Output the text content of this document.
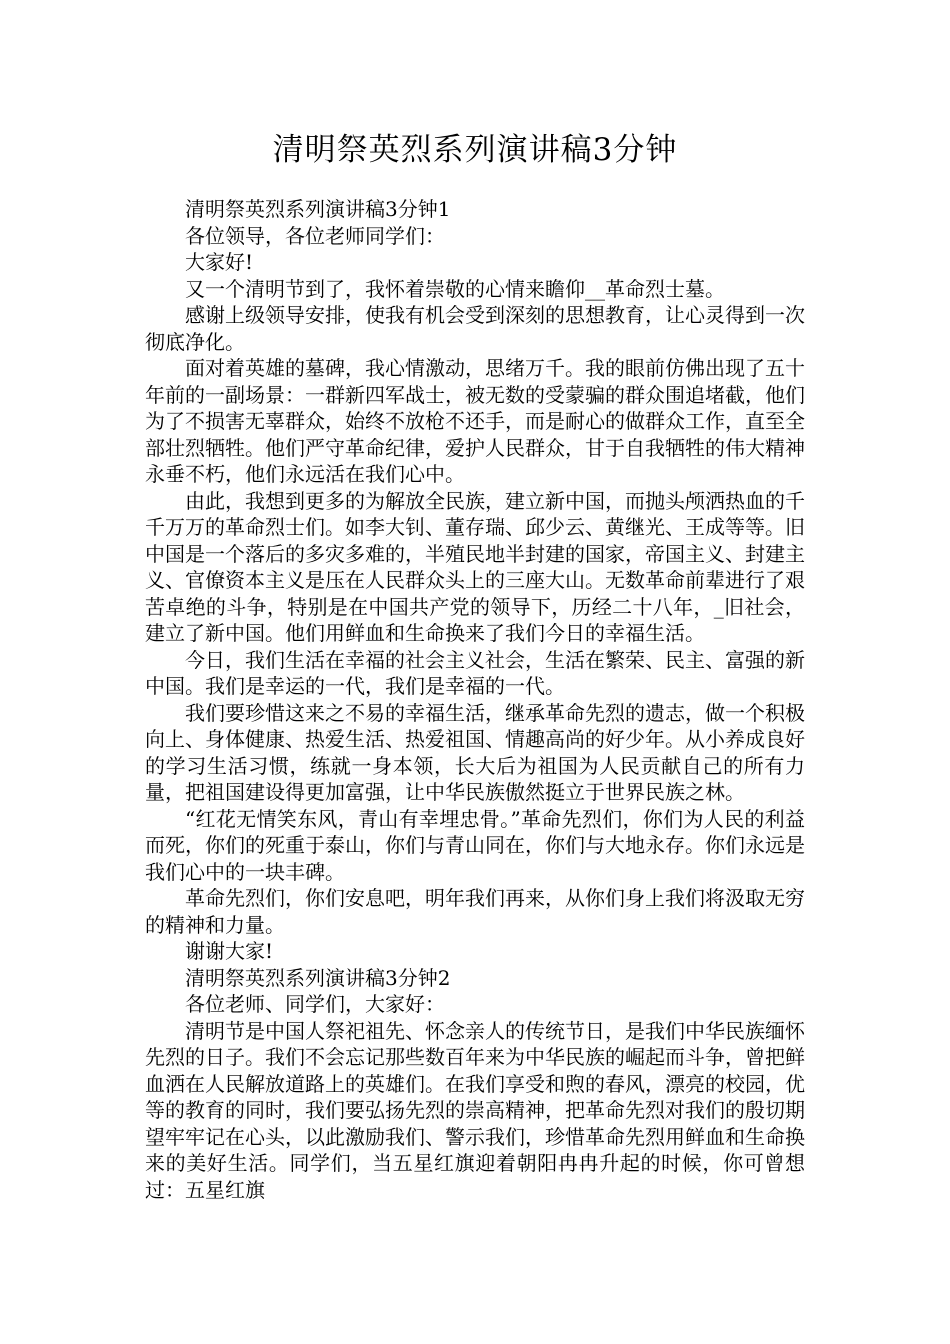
清明祭英烈系列演讲稿3分钟

清明祭英烈系列演讲稿3分钟1

各位领导，各位老师同学们：

大家好!

又一个清明节到了，我怀着崇敬的心情来瞻仰__革命烈士墓。

感谢上级领导安排，使我有机会受到深刻的思想教育，让心灵得到一次彻底净化。

面对着英雄的墓碑，我心情激动，思绪万千。我的眼前仿佛出现了五十年前的一副场景：一群新四军战士，被无数的受蒙骗的群众围追堵截，他们为了不损害无辜群众，始终不放枪不还手，而是耐心的做群众工作，直至全部壮烈牺牲。他们严守革命纪律，爱护人民群众，甘于自我牺牲的伟大精神永垂不朽，他们永远活在我们心中。

由此，我想到更多的为解放全民族，建立新中国，而抛头颅洒热血的千千万万的革命烈士们。如李大钊、董存瑞、邱少云、黄继光、王成等等。旧中国是一个落后的多灾多难的，半殖民地半封建的国家，帝国主义、封建主义、官僚资本主义是压在人民群众头上的三座大山。无数革命前辈进行了艰苦卓绝的斗争，特别是在中国共产党的领导下，历经二十八年，_旧社会，建立了新中国。他们用鲜血和生命换来了我们今日的幸福生活。

今日，我们生活在幸福的社会主义社会，生活在繁荣、民主、富强的新中国。我们是幸运的一代，我们是幸福的一代。

我们要珍惜这来之不易的幸福生活，继承革命先烈的遗志，做一个积极向上、身体健康、热爱生活、热爱祖国、情趣高尚的好少年。从小养成良好的学习生活习惯，练就一身本领，长大后为祖国为人民贡献自己的所有力量，把祖国建设得更加富强，让中华民族傲然挺立于世界民族之林。

“红花无情笑东风，青山有幸埋忠骨。”革命先烈们，你们为人民的利益而死，你们的死重于泰山，你们与青山同在，你们与大地永存。你们永远是我们心中的一块丰碑。

革命先烈们，你们安息吧，明年我们再来，从你们身上我们将汲取无穷的精神和力量。

谢谢大家!

清明祭英烈系列演讲稿3分钟2

各位老师、同学们，大家好：

清明节是中国人祭祀祖先、怀念亲人的传统节日，是我们中华民族缅怀先烈的日子。我们不会忘记那些数百年来为中华民族的崛起而斗争，曾把鲜血洒在人民解放道路上的英雄们。在我们享受和煦的春风，漂亮的校园，优等的教育的同时，我们要弘扬先烈的崇高精神，把革命先烈对我们的殷切期望牢牢记在心头，以此激励我们、警示我们，珍惜革命先烈用鲜血和生命换来的美好生活。同学们，当五星红旗迎着朝阳冉冉升起的时候，你可曾想过：五星红旗
